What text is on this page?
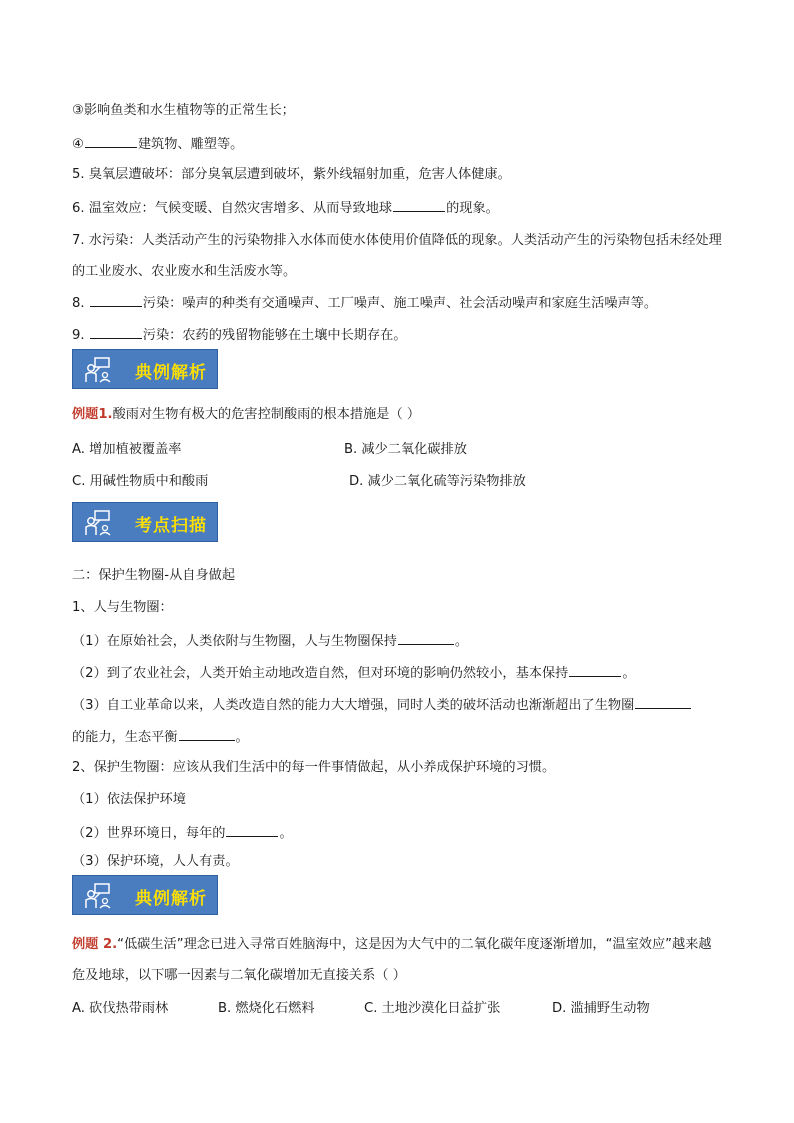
③影响鱼类和水生植物等的正常生长；
④	建筑物、雕塑等。
5. 臭氧层遭破坏：部分臭氧层遭到破坏，紫外线辐射加重，危害人体健康。
6. 温室效应：气候变暖、自然灾害增多、从而导致地球	的现象。
7. 水污染：人类活动产生的污染物排入水体而使水体使用价值降低的现象。人类活动产生的污染物包括未经处理的工业废水、农业废水和生活废水等。
8.	污染：噪声的种类有交通噪声、工厂噪声、施工噪声、社会活动噪声和家庭生活噪声等。
9.	污染：农药的残留物能够在土壤中长期存在。
典例解析
例题1.酸雨对生物有极大的危害控制酸雨的根本措施是（ ）
A. 增加植被覆盖率	B. 减少二氧化碳排放
C. 用碱性物质中和酸雨	D. 减少二氧化硫等污染物排放
考点扫描
二：保护生物圈-从自身做起
1、人与生物圈：
（1）在原始社会，人类依附与生物圈，人与生物圈保持	。
（2）到了农业社会，人类开始主动地改造自然，但对环境的影响仍然较小，基本保持	。
（3）自工业革命以来，人类改造自然的能力大大增强，同时人类的破坏活动也渐渐超出了生物圈
的能力，生态平衡	。
2、保护生物圈：应该从我们生活中的每一件事情做起，从小养成保护环境的习惯。
（1）依法保护环境
（2）世界环境日，每年的	。
（3）保护环境，人人有责。
典例解析
例题 2.“低碳生活”理念已进入寻常百姓脑海中，这是因为大气中的二氧化碳年度逐渐增加，“温室效应”越来越危及地球，以下哪一因素与二氧化碳增加无直接关系（ ）
A. 砍伐热带雨林	B. 燃烧化石燃料	C. 土地沙漠化日益扩张	D. 滥捕野生动物
